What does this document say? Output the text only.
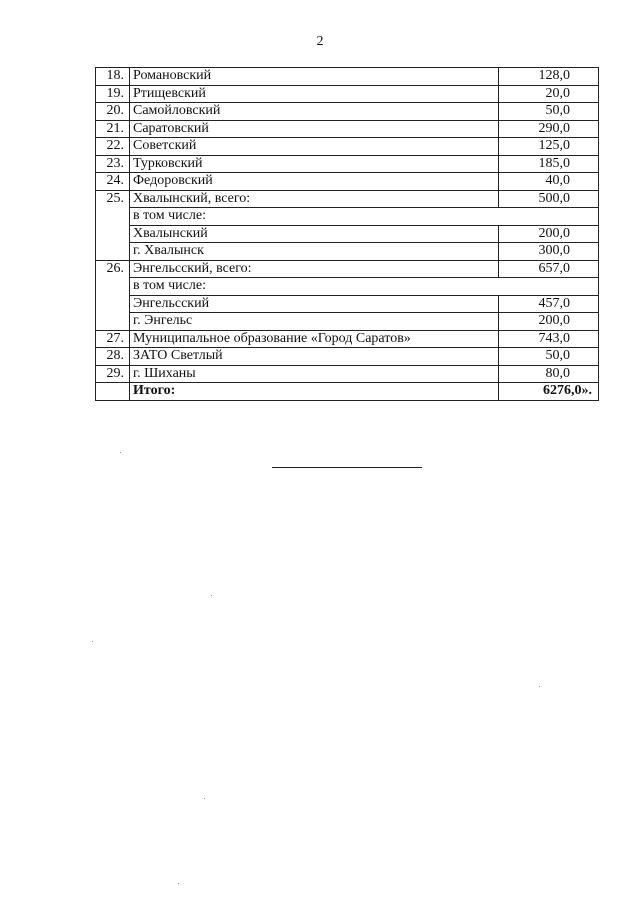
2
18.	Романовский	128,0
19.	Ртищевский	20,0
20.	Самойловский	50,0
21.	Саратовский	290,0
22.	Советский	125,0
23.	Турковский	185,0
24.	Федоровский	40,0
25.	Хвалынский, всего:	500,0
	в том числе:	
	Хвалынский	200,0
	г. Хвалынск	300,0
26.	Энгельсский, всего:	657,0
	в том числе:	
	Энгельсский	457,0
	г. Энгельс	200,0
27.	Муниципальное образование «Город Саратов»	743,0
28.	ЗАТО Светлый	50,0
29.	г. Шиханы	80,0
	Итого:	6276,0».
